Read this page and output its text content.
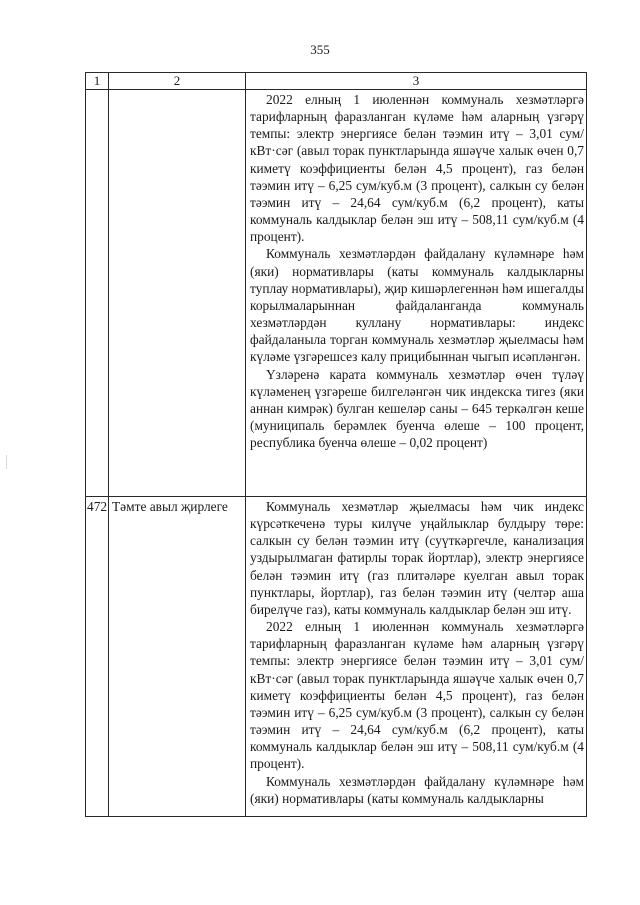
355
1	2	3

		2022 елның 1 июленнән коммуналь хезмәтләргә тарифларның фаразланган күләме һәм аларның үзгәрү темпы: электр энергиясе белән тәэмин итү – 3,01 сум/кВт·сәг (авыл торак пунктларында яшәүче халык өчен 0,7 киметү коэффициенты белән 4,5 процент), газ белән тәэмин итү – 6,25 сум/куб.м (3 процент), салкын су белән тәэмин итү – 24,64 сум/куб.м (6,2 процент), каты коммуналь калдыклар белән эш итү – 508,11 сум/куб.м (4 процент).

Коммуналь хезмәтләрдән файдалану күләмнәре һәм (яки) нормативлары (каты коммуналь калдыкларны туплау нормативлары), җир кишәрлегеннән һәм ишегалды корылмаларыннан файдаланганда коммуналь хезмәтләрдән куллану нормативлары: индекс файдаланыла торган коммуналь хезмәтләр җыелмасы һәм күләме үзгәрешсез калу прицибыннан чыгып исәпләнгән.

Үзләренә карата коммуналь хезмәтләр өчен түләү күләменең үзгәреше билгеләнгән чик индекска тигез (яки аннан кимрәк) булган кешеләр саны – 645 теркәлгән кеше (муниципаль берәмлек буенча өлеше – 100 процент, республика буенча өлеше – 0,02 процент)

472	Тәмте авыл җирлеге	Коммуналь хезмәтләр җыелмасы һәм чик индекс күрсәткеченә туры килүче уңайлыклар булдыру төре: салкын су белән тәэмин итү (суүткәргечле, канализация уздырылмаган фатирлы торак йортлар), электр энергиясе белән тәэмин итү (газ плитәләре куелган авыл торак пунктлары, йортлар), газ белән тәэмин итү (челтәр аша бирелүче газ), каты коммуналь калдыклар белән эш итү.

2022 елның 1 июленнән коммуналь хезмәтләргә тарифларның фаразланган күләме һәм аларның үзгәрү темпы: электр энергиясе белән тәэмин итү – 3,01 сум/кВт·сәг (авыл торак пунктларында яшәүче халык өчен 0,7 киметү коэффициенты белән 4,5 процент), газ белән тәэмин итү – 6,25 сум/куб.м (3 процент), салкын су белән тәэмин итү – 24,64 сум/куб.м (6,2 процент), каты коммуналь калдыклар белән эш итү – 508,11 сум/куб.м (4 процент).

Коммуналь хезмәтләрдән файдалану күләмнәре һәм (яки) нормативлары (каты коммуналь калдыкларны
